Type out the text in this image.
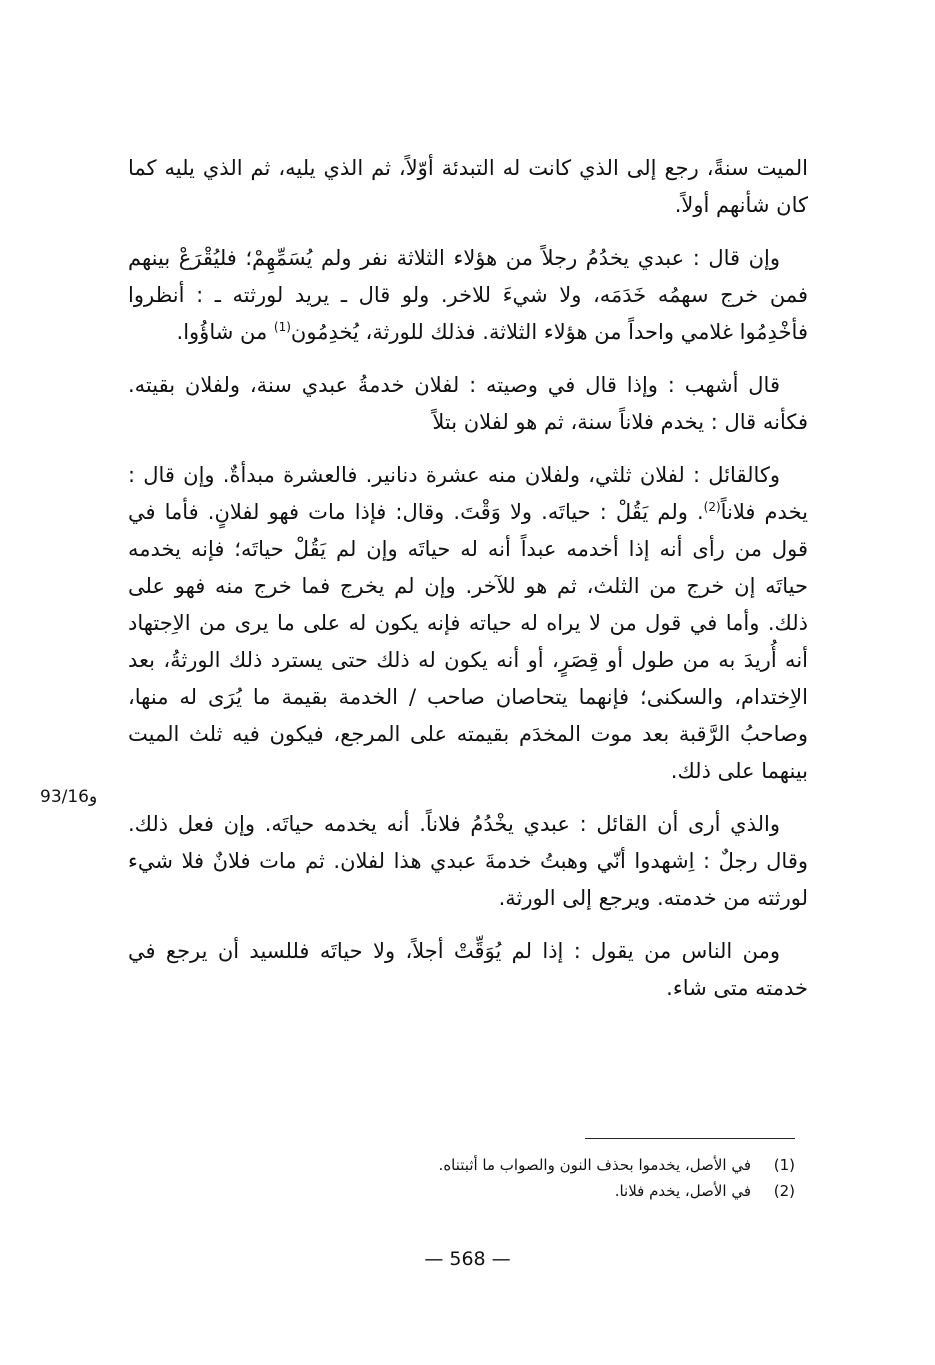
الميت سنةً، رجع إلى الذي كانت له التبدئة أوّلاً، ثم الذي يليه، ثم الذي يليه كما كان شأنهم أولاً.

وإن قال : عبدي يخدُمُ رجلاً من هؤلاء الثلاثة نفر ولم يُسَمِّهِمْ؛ فليُقْرَعْ بينهم فمن خرج سهمُه خَدَمَه، ولا شيءَ للاخر. ولو قال ـ يريد لورثته ـ : أنظروا فأخْدِمُوا غلامي واحداً من هؤلاء الثلاثة. فذلك للورثة، يُخدِمُون$^{(1)}$ من شاؤُوا.

قال أشهب : وإذا قال في وصيته : لفلان خدمةُ عبدي سنة، ولفلان بقيته. فكأنه قال : يخدم فلاناً سنة، ثم هو لفلان بتلاً

وكالقائل : لفلان ثلثي، ولفلان منه عشرة دنانير. فالعشرة مبدأةٌ. وإن قال : يخدم فلاناً$^{(2)}$. ولم يَقُلْ : حياتَه. ولا وَقْتَ. وقال: فإذا مات فهو لفلانٍ. فأما في قول من رأى أنه إذا أخدمه عبداً أنه له حياتَه وإن لم يَقُلْ حياتَه؛ فإنه يخدمه حياتَه إن خرج من الثلث، ثم هو للآخر. وإن لم يخرج فما خرج منه فهو على ذلك. وأما في قول من لا يراه له حياته فإنه يكون له على ما يرى من الاِجتهاد أنه أُريدَ به من طول أو قِصَرٍ، أو أنه يكون له ذلك حتى يسترد ذلك الورثةُ، بعد الاِختدام، والسكنى؛ فإنهما يتحاصان صاحب / الخدمة بقيمة ما يُرَى له منها، وصاحبُ الرَّقبة بعد موت المخدَم بقيمته على المرجع، فيكون فيه ثلث الميت بينهما على ذلك.

والذي أرى أن القائل : عبدي يخْدُمُ فلاناً. أنه يخدمه حياتَه. وإن فعل ذلك. وقال رجلٌ : اِشهدوا أنّي وهبتُ خدمةَ عبدي هذا لفلان. ثم مات فلانٌ فلا شيء لورثته من خدمته. ويرجع إلى الورثة.

ومن الناس من يقول : إذا لم يُوَقِّتْ أجلاً، ولا حياتَه فللسيد أن يرجع في خدمته متى شاء.

93/16و
(1)
في الأصل، يخدموا بحذف النون والصواب ما أثبتناه.
(2)
في الأصل، يخدم فلانا.
— 568 —
